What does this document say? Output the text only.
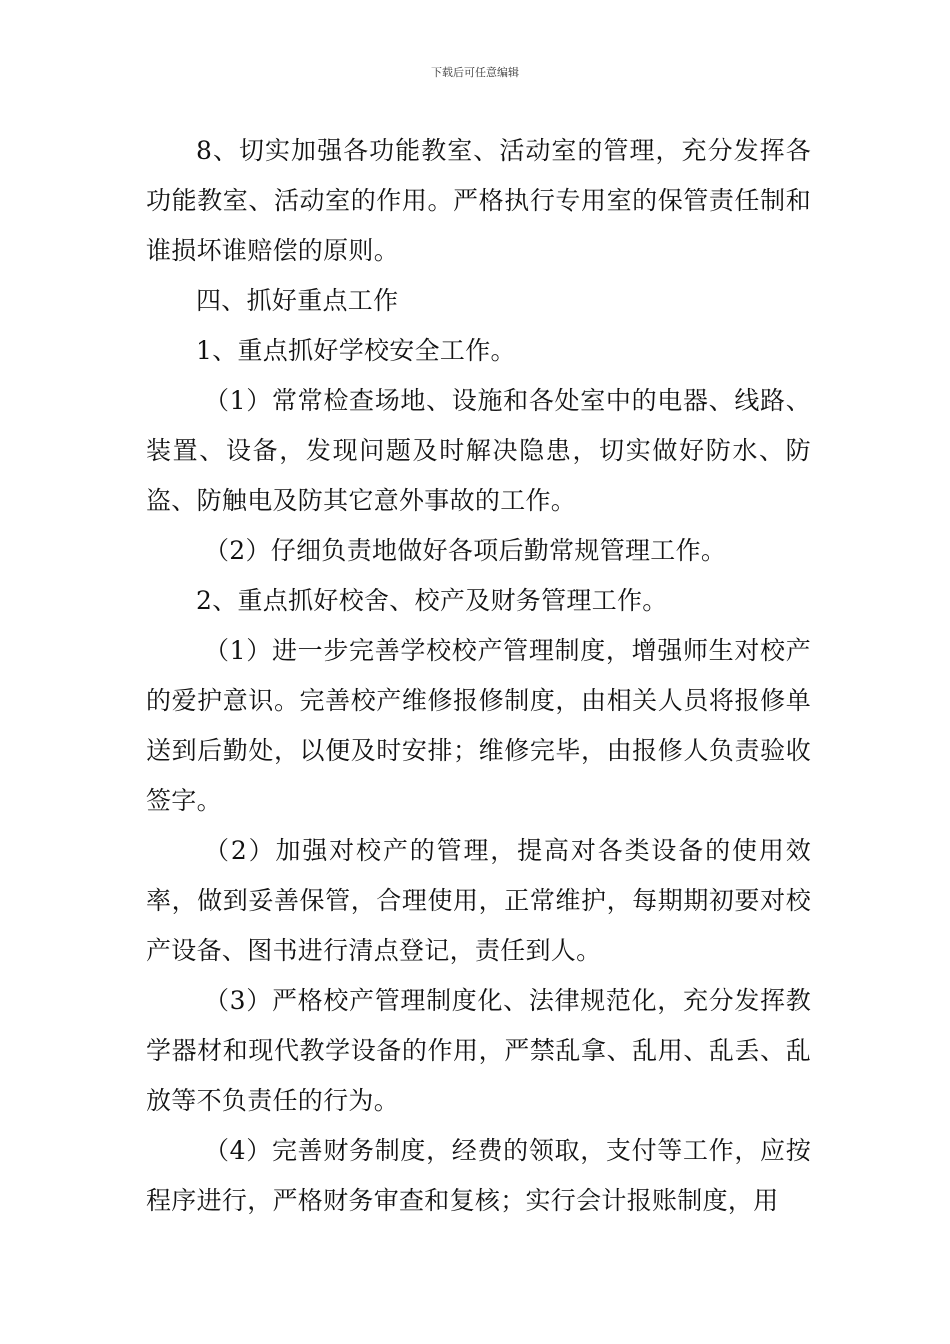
下载后可任意编辑

8、切实加强各功能教室、活动室的管理，充分发挥各功能教室、活动室的作用。严格执行专用室的保管责任制和谁损坏谁赔偿的原则。

四、抓好重点工作

1、重点抓好学校安全工作。

（1）常常检查场地、设施和各处室中的电器、线路、装置、设备，发现问题及时解决隐患，切实做好防水、防盗、防触电及防其它意外事故的工作。

（2）仔细负责地做好各项后勤常规管理工作。

2、重点抓好校舍、校产及财务管理工作。

（1）进一步完善学校校产管理制度，增强师生对校产的爱护意识。完善校产维修报修制度，由相关人员将报修单送到后勤处，以便及时安排；维修完毕，由报修人负责验收签字。

（2）加强对校产的管理，提高对各类设备的使用效率，做到妥善保管，合理使用，正常维护，每期期初要对校产设备、图书进行清点登记，责任到人。

（3）严格校产管理制度化、法律规范化，充分发挥教学器材和现代教学设备的作用，严禁乱拿、乱用、乱丢、乱放等不负责任的行为。

（4）完善财务制度，经费的领取，支付等工作，应按程序进行，严格财务审查和复核；实行会计报账制度，用
